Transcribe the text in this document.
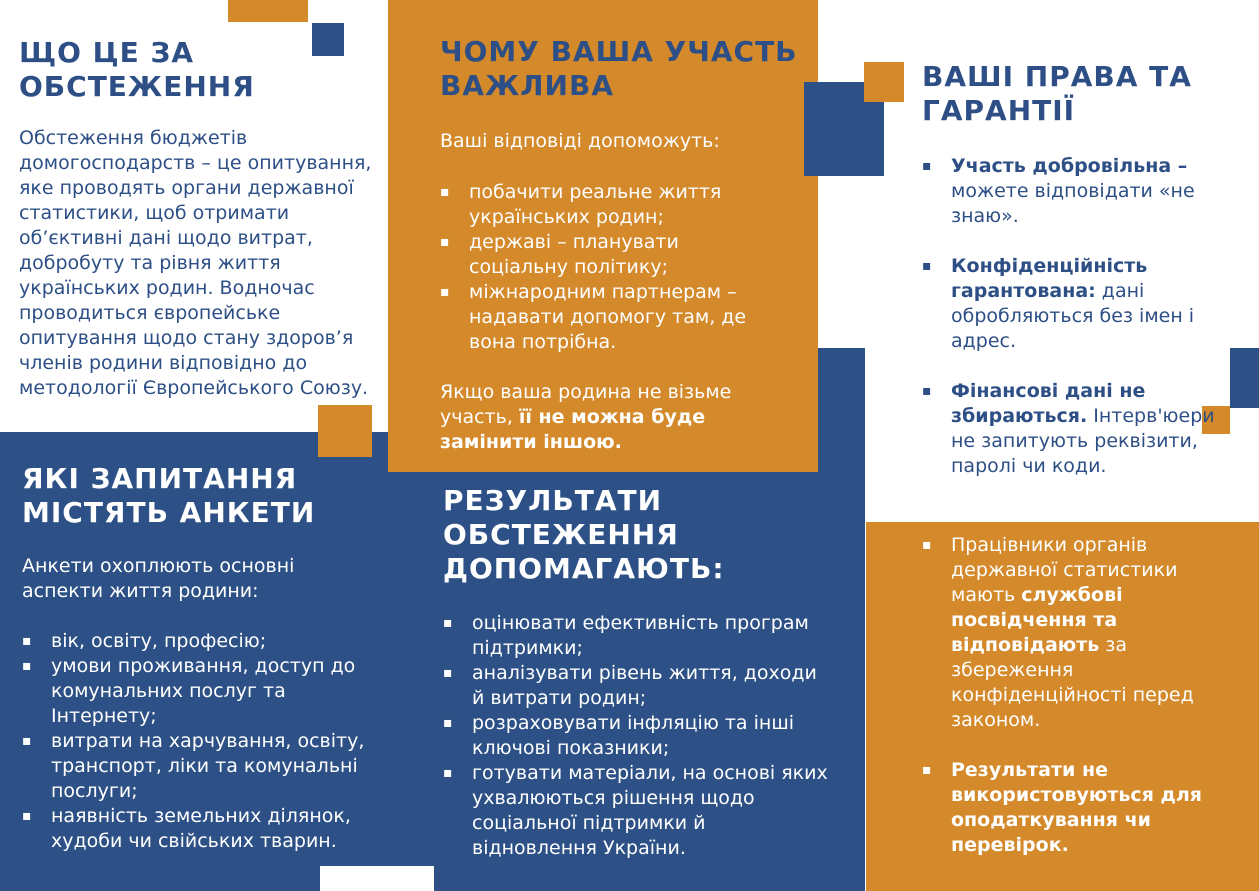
ЩО ЦЕ ЗА
ОБСТЕЖЕННЯ

Обстеження бюджетів домогосподарств – це опитування, яке проводять органи державної статистики, щоб отримати об’єктивні дані щодо витрат, добробуту та рівня життя українських родин. Водночас проводиться європейське опитування щодо стану здоров’я членів родини відповідно до методології Європейського Союзу.

ЧОМУ ВАША УЧАСТЬ
ВАЖЛИВА

Ваші відповіді допоможуть:

▪ побачити реальне життя українських родин;
▪ державі – планувати соціальну політику;
▪ міжнародним партнерам – надавати допомогу там, де вона потрібна.

Якщо ваша родина не візьме участь, її не можна буде замінити іншою.

ВАШІ ПРАВА ТА
ГАРАНТІЇ
▪ Участь добровільна – можете відповідати «не знаю».
▪ Конфіденційність гарантована: дані обробляються без імен і адрес.
▪ Фінансові дані не збираються. Інтерв'юери не запитують реквізити, паролі чи коди.
ЯКІ ЗАПИТАННЯ
МІСТЯТЬ АНКЕТИ

Анкети охоплюють основні аспекти життя родини:

▪ вік, освіту, професію;
▪ умови проживання, доступ до комунальних послуг та Інтернету;
▪ витрати на харчування, освіту, транспорт, ліки та комунальні послуги;
▪ наявність земельних ділянок, худоби чи свійських тварин.
РЕЗУЛЬТАТИ
ОБСТЕЖЕННЯ
ДОПОМАГАЮТЬ:
▪ оцінювати ефективність програм підтримки;
▪ аналізувати рівень життя, доходи й витрати родин;
▪ розраховувати інфляцію та інші ключові показники;
▪ готувати матеріали, на основі яких ухвалюються рішення щодо соціальної підтримки й відновлення України.
▪ Працівники органів державної статистики мають службові посвідчення та відповідають за збереження конфіденційності перед законом.
▪ Результати не використовуються для оподаткування чи перевірок.
